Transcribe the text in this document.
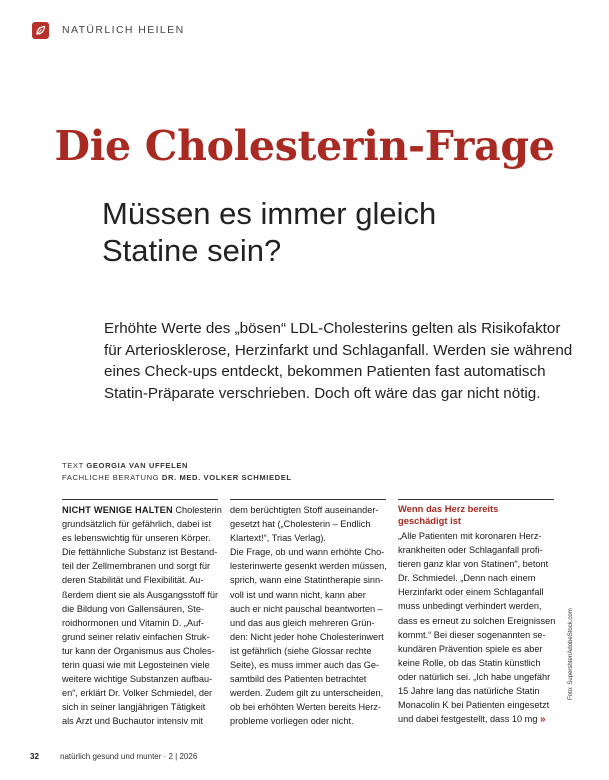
NATÜRLICH HEILEN
Die Cholesterin-Frage
Müssen es immer gleich
Statine sein?
Erhöhte Werte des „bösen“ LDL-Cholesterins gelten als Risikofaktor
für Arteriosklerose, Herzinfarkt und Schlaganfall. Werden sie während
eines Check-ups entdeckt, bekommen Patienten fast automatisch
Statin-Präparate verschrieben. Doch oft wäre das gar nicht nötig.
TEXT GEORGIA VAN UFFELEN
FACHLICHE BERATUNG DR. MED. VOLKER SCHMIEDEL
NICHT WENIGE HALTEN Cholesterin
grundsätzlich für gefährlich, dabei ist
es lebenswichtig für unseren Körper.
Die fettähnliche Substanz ist Bestand-
teil der Zellmembranen und sorgt für
deren Stabilität und Flexibilität. Au-
ßerdem dient sie als Ausgangsstoff für
die Bildung von Gallensäuren, Ste-
roidhormonen und Vitamin D. „Auf-
grund seiner relativ einfachen Struk-
tur kann der Organismus aus Choles-
terin quasi wie mit Legosteinen viele
weitere wichtige Substanzen aufbau-
en“, erklärt Dr. Volker Schmiedel, der
sich in seiner langjährigen Tätigkeit
als Arzt und Buchautor intensiv mit
dem berüchtigten Stoff auseinander-
gesetzt hat („Cholesterin – Endlich
Klartext!“, Trias Verlag).
Die Frage, ob und wann erhöhte Cho-
lesterinwerte gesenkt werden müssen,
sprich, wann eine Statintherapie sinn-
voll ist und wann nicht, kann aber
auch er nicht pauschal beantworten –
und das aus gleich mehreren Grün-
den: Nicht jeder hohe Cholesterinwert
ist gefährlich (siehe Glossar rechte
Seite), es muss immer auch das Ge-
samtbild des Patienten betrachtet
werden. Zudem gilt zu unterscheiden,
ob bei erhöhten Werten bereits Herz-
probleme vorliegen oder nicht.
Wenn das Herz bereits
geschädigt ist
„Alle Patienten mit koronaren Herz-
krankheiten oder Schlaganfall profi-
tieren ganz klar von Statinen“, betont
Dr. Schmiedel. „Denn nach einem
Herzinfarkt oder einem Schlaganfall
muss unbedingt verhindert werden,
dass es erneut zu solchen Ereignissen
kommt.“ Bei dieser sogenannten se-
kundären Prävention spiele es aber
keine Rolle, ob das Statin künstlich
oder natürlich sei. „Ich habe ungefähr
15 Jahre lang das natürliche Statin
Monacolin K bei Patienten eingesetzt
und dabei festgestellt, dass 10 mg »
Foto: Supershter/AdobeStock.com
32	natürlich gesund und munter · 2 | 2026
